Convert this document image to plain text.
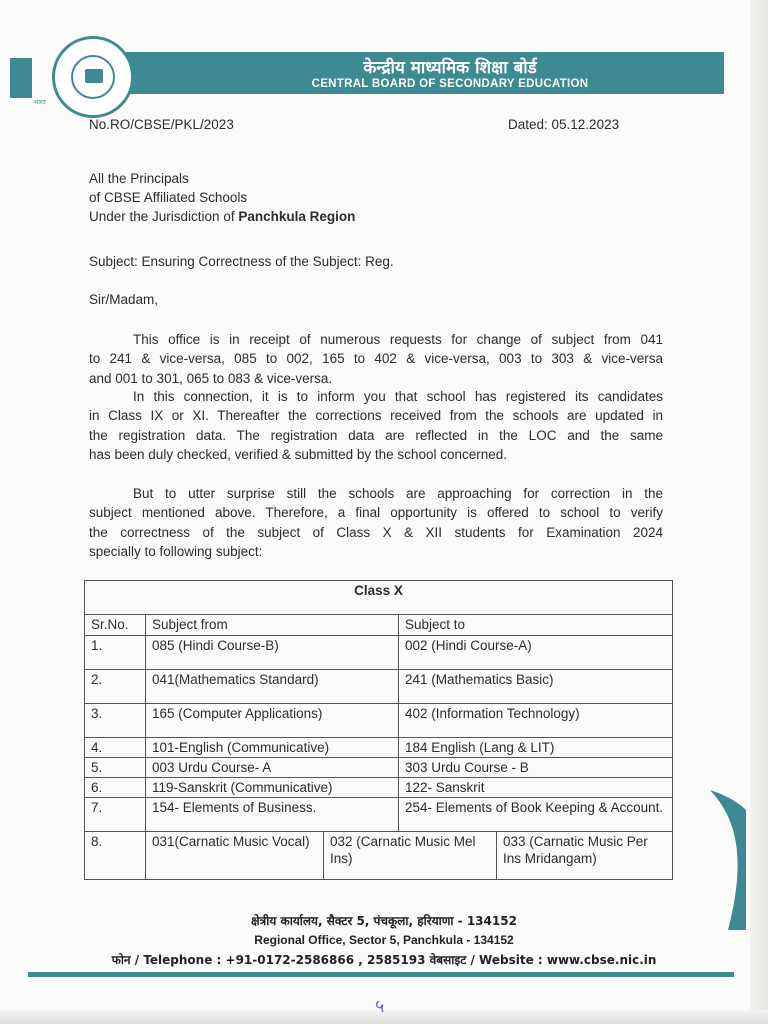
केन्द्रीय माध्यमिक शिक्षा बोर्ड
CENTRAL BOARD OF SECONDARY EDUCATION
भारत
No.RO/CBSE/PKL/2023	Dated: 05.12.2023
All the Principals
of CBSE Affiliated Schools
Under the Jurisdiction of Panchkula Region
Subject: Ensuring Correctness of the Subject: Reg.
Sir/Madam,
This office is in receipt of numerous requests for change of subject from 041
to 241 & vice-versa, 085 to 002, 165 to 402 & vice-versa, 003 to 303 & vice-versa
and 001 to 301, 065 to 083 & vice-versa.
In this connection, it is to inform you that school has registered its candidates
in Class IX or XI. Thereafter the corrections received from the schools are updated in
the registration data. The registration data are reflected in the LOC and the same
has been duly checked, verified & submitted by the school concerned.
But to utter surprise still the schools are approaching for correction in the
subject mentioned above. Therefore, a final opportunity is offered to school to verify
the correctness of the subject of Class X & XII students for Examination 2024
specially to following subject:
Class X				
Sr.No.	Subject from		Subject to	
1.	085 (Hindi Course-B)		002 (Hindi Course-A)	
2.	041(Mathematics Standard)		241 (Mathematics Basic)	
3.	165 (Computer Applications)		402 (Information Technology)	
4.	101-English (Communicative)		184 English (Lang & LIT)	
5.	003 Urdu Course- A		303 Urdu Course - B	
6.	119-Sanskrit (Communicative)		122- Sanskrit	
7.	154- Elements of Business.		254- Elements of Book Keeping & Account.	
8.	031(Carnatic Music Vocal)	032 (Carnatic Music Mel Ins)		033 (Carnatic Music Per Ins Mridangam)
क्षेत्रीय कार्यालय, सैक्टर 5, पंचकूला, हरियाणा - 134152
Regional Office, Sector 5, Panchkula - 134152
फोन / Telephone : +91-0172-2586866 , 2585193 वेबसाइट / Website : www.cbse.nic.in
५
